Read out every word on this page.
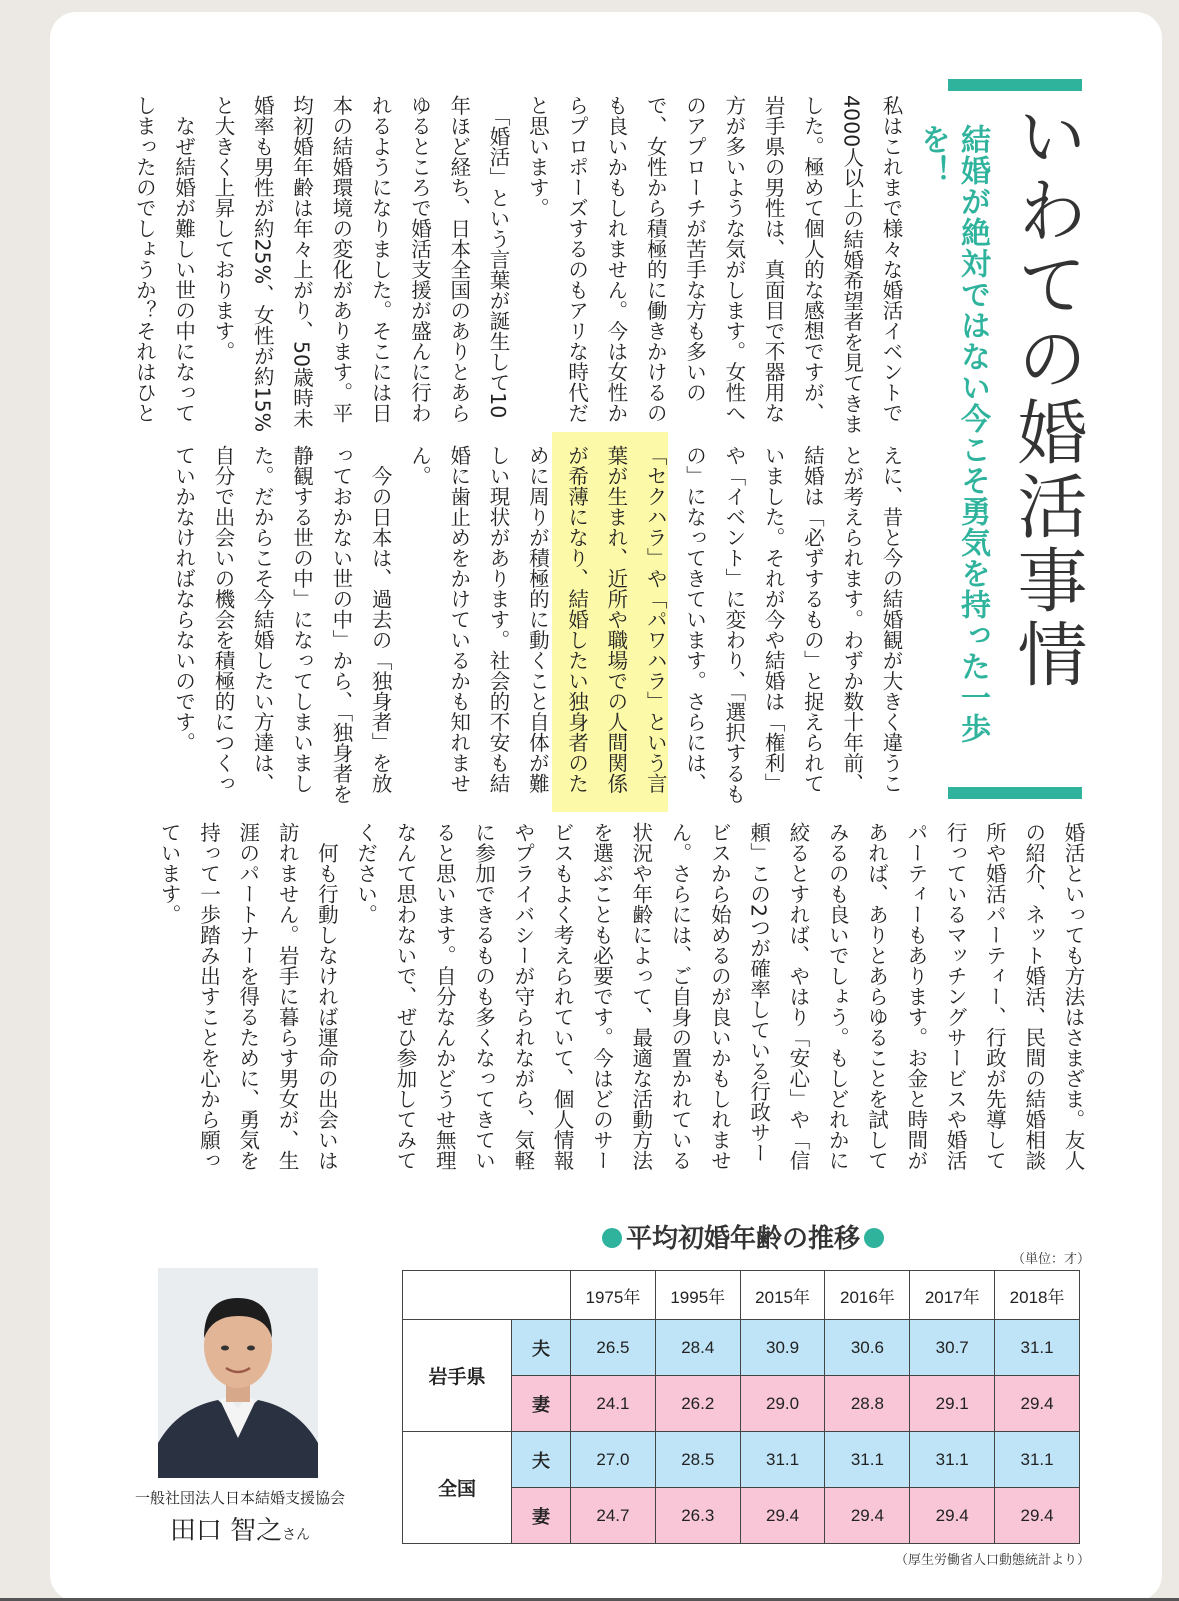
いわての婚活事情
結婚が絶対ではない今こそ勇気を持った一歩を！
私はこれまで様々な婚活イベントで4000人以上の結婚希望者を見てきました。極めて個人的な感想ですが、岩手県の男性は、真面目で不器用な方が多いような気がします。女性へのアプローチが苦手な方も多いので、女性から積極的に働きかけるのも良いかもしれません。今は女性からプロポーズするのもアリな時代だと思います。
　「婚活」という言葉が誕生して10年ほど経ち、日本全国のありとあらゆるところで婚活支援が盛んに行われるようになりました。そこには日本の結婚環境の変化があります。平均初婚年齢は年々上がり、50歳時未婚率も男性が約25%、女性が約15%と大きく上昇しております。
　なぜ結婚が難しい世の中になってしまったのでしょうか？それはひと
えに、昔と今の結婚観が大きく違うことが考えられます。わずか数十年前、結婚は「必ずするもの」と捉えられていました。それが今や結婚は「権利」や「イベント」に変わり、「選択するもの」になってきています。さらには、「セクハラ」や「パワハラ」という言葉が生まれ、近所や職場での人間関係が希薄になり、結婚したい独身者のために周りが積極的に動くこと自体が難しい現状があります。社会的不安も結婚に歯止めをかけているかも知れません。
　今の日本は、過去の「独身者」を放っておかない世の中」から、「独身者を静観する世の中」になってしまいました。だからこそ今結婚したい方達は、自分で出会いの機会を積極的につくっていかなければならないのです。
婚活といっても方法はさまざま。友人の紹介、ネット婚活、民間の結婚相談所や婚活パーティー、行政が先導して行っているマッチングサービスや婚活パーティーもあります。お金と時間があれば、ありとあらゆることを試してみるのも良いでしょう。もしどれかに絞るとすれば、やはり「安心」や「信頼」この2つが確率している行政サービスから始めるのが良いかもしれません。さらには、ご自身の置かれている状況や年齢によって、最適な活動方法を選ぶことも必要です。今はどのサービスもよく考えられていて、個人情報やプライバシーが守られながら、気軽に参加できるものも多くなってきていると思います。自分なんかどうせ無理なんて思わないで、ぜひ参加してみてください。
　何も行動しなければ運命の出会いは訪れません。岩手に暮らす男女が、生涯のパートナーを得るために、勇気を持って一歩踏み出すことを心から願っています。
平均初婚年齢の推移
（単位：才）
		1975年	1995年	2015年	2016年	2017年	2018年
岩手県	夫	26.5	28.4	30.9	30.6	30.7	31.1
	妻	24.1	26.2	29.0	28.8	29.1	29.4
全国	夫	27.0	28.5	31.1	31.1	31.1	31.1
	妻	24.7	26.3	29.4	29.4	29.4	29.4
（厚生労働省人口動態統計より）
一般社団法人日本結婚支援協会
田口 智之さん
